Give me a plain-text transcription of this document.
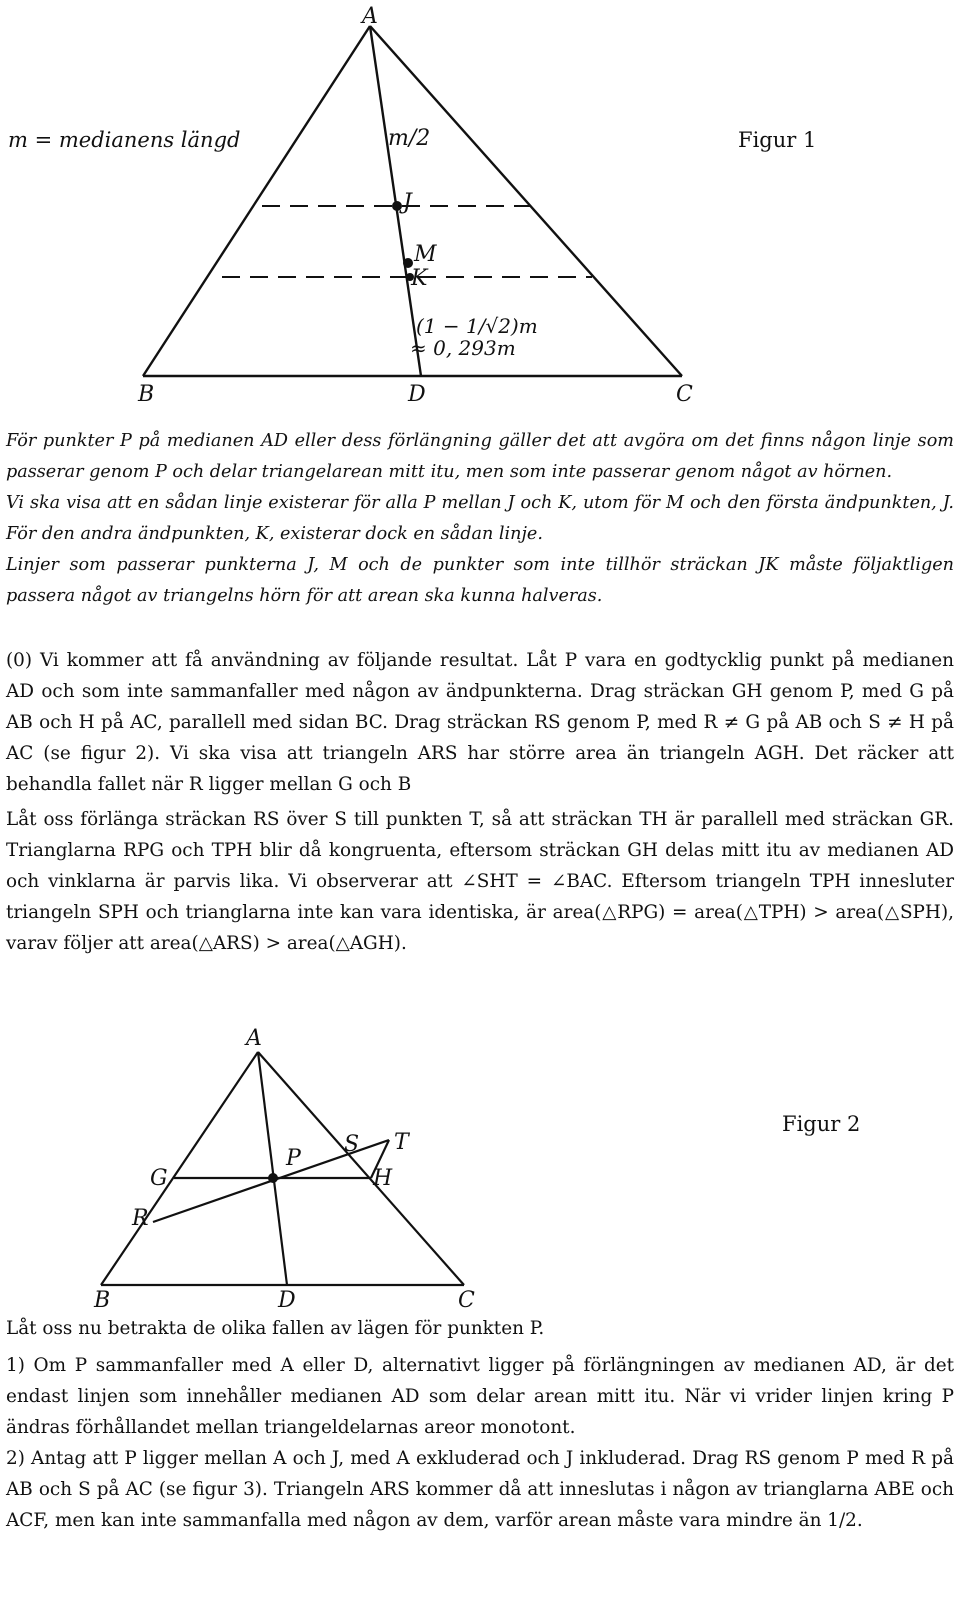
A
B	C
D
J
M
K
m/2
(1 − 1/√2)m
≈ 0, 293m
m = medianens längd	Figur 1

För punkter P på medianen AD eller dess förlängning gäller det att avgöra om det finns någon linje som passerar genom P och delar triangelarean mitt itu, men som inte passerar genom något av hörnen.

Vi ska visa att en sådan linje existerar för alla P mellan J och K, utom för M och den första ändpunkten, J. För den andra ändpunkten, K, existerar dock en sådan linje.

Linjer som passerar punkterna J, M och de punkter som inte tillhör sträckan JK måste följaktligen passera något av triangelns hörn för att arean ska kunna halveras.

(0) Vi kommer att få användning av följande resultat. Låt P vara en godtycklig punkt på medianen AD och som inte sammanfaller med någon av ändpunkterna. Drag sträckan GH genom P, med G på AB och H på AC, parallell med sidan BC. Drag sträckan RS genom P, med R ≠ G på AB och S ≠ H på AC (se figur 2). Vi ska visa att triangeln ARS har större area än triangeln AGH. Det räcker att behandla fallet när R ligger mellan G och B

Låt oss förlänga sträckan RS över S till punkten T, så att sträckan TH är parallell med sträckan GR. Trianglarna RPG och TPH blir då kongruenta, eftersom sträckan GH delas mitt itu av medianen AD och vinklarna är parvis lika. Vi observerar att ∠SHT = ∠BAC. Eftersom triangeln TPH innesluter triangeln SPH och trianglarna inte kan vara identiska, är area(△RPG) = area(△TPH) > area(△SPH), varav följer att area(△ARS) > area(△AGH).

A
B	C
D
G
R
P
S T
H
Figur 2

Låt oss nu betrakta de olika fallen av lägen för punkten P.

1) Om P sammanfaller med A eller D, alternativt ligger på förlängningen av medianen AD, är det endast linjen som innehåller medianen AD som delar arean mitt itu. När vi vrider linjen kring P ändras förhållandet mellan triangeldelarnas areor monotont.

2) Antag att P ligger mellan A och J, med A exkluderad och J inkluderad. Drag RS genom P med R på AB och S på AC (se figur 3). Triangeln ARS kommer då att inneslutas i någon av trianglarna ABE och ACF, men kan inte sammanfalla med någon av dem, varför arean måste vara mindre än 1/2.
